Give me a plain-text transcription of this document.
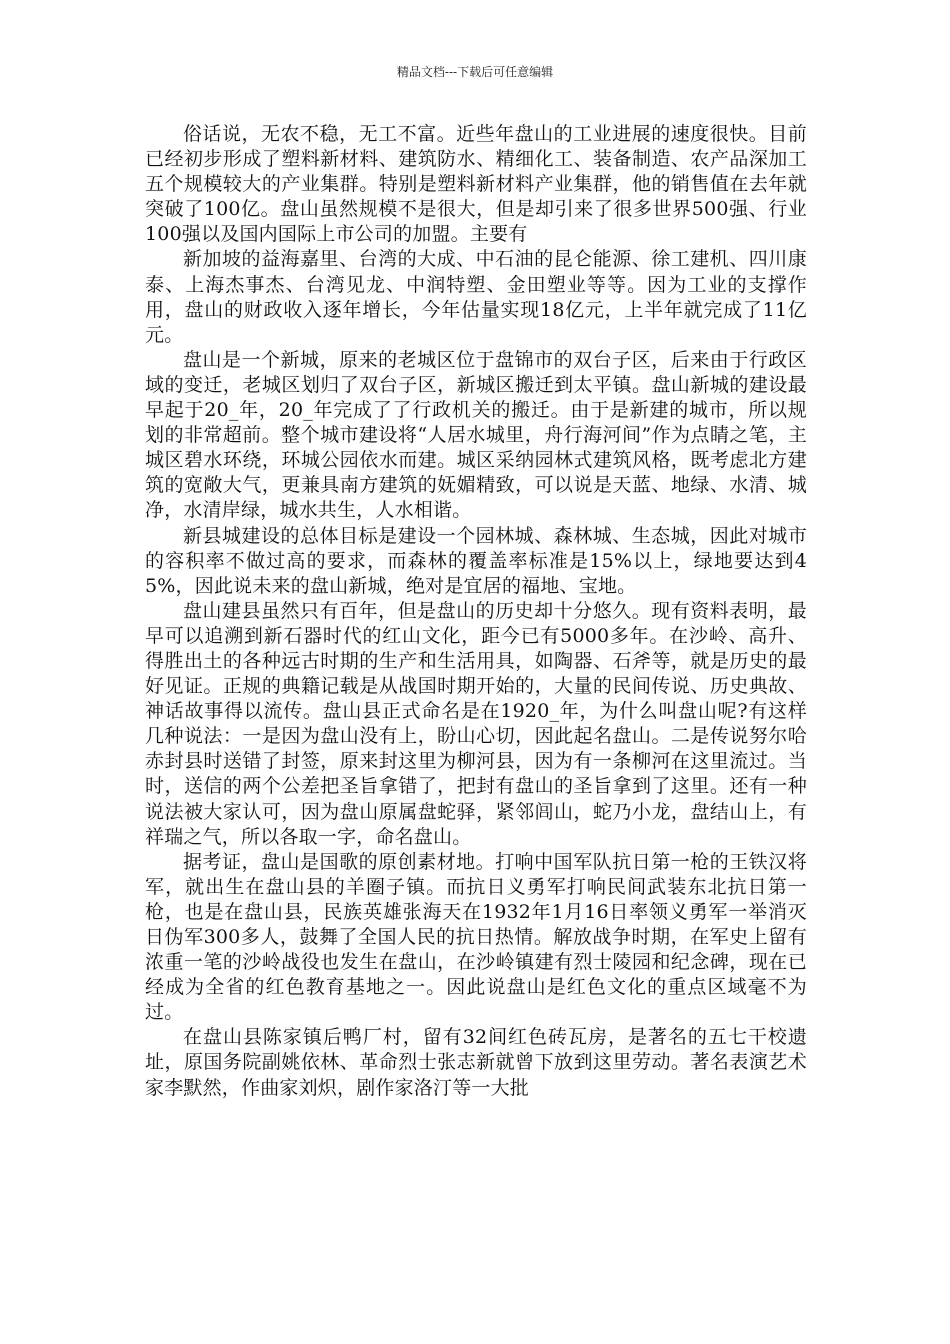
精品文档---下载后可任意编辑

俗话说，无农不稳，无工不富。近些年盘山的工业进展的速度很快。目前已经初步形成了塑料新材料、建筑防水、精细化工、装备制造、农产品深加工五个规模较大的产业集群。特别是塑料新材料产业集群，他的销售值在去年就突破了100亿。盘山虽然规模不是很大，但是却引来了很多世界500强、行业100强以及国内国际上市公司的加盟。主要有

新加坡的益海嘉里、台湾的大成、中石油的昆仑能源、徐工建机、四川康泰、上海杰事杰、台湾见龙、中润特塑、金田塑业等等。因为工业的支撑作用，盘山的财政收入逐年增长，今年估量实现18亿元，上半年就完成了11亿元。

盘山是一个新城，原来的老城区位于盘锦市的双台子区，后来由于行政区域的变迁，老城区划归了双台子区，新城区搬迁到太平镇。盘山新城的建设最早起于20_年，20_年完成了了行政机关的搬迁。由于是新建的城市，所以规划的非常超前。整个城市建设将“人居水城里，舟行海河间”作为点睛之笔，主城区碧水环绕，环城公园依水而建。城区采纳园林式建筑风格，既考虑北方建筑的宽敞大气，更兼具南方建筑的妩媚精致，可以说是天蓝、地绿、水清、城净，水清岸绿，城水共生，人水相谐。

新县城建设的总体目标是建设一个园林城、森林城、生态城，因此对城市的容积率不做过高的要求，而森林的覆盖率标准是15%以上，绿地要达到45%，因此说未来的盘山新城，绝对是宜居的福地、宝地。

盘山建县虽然只有百年，但是盘山的历史却十分悠久。现有资料表明，最早可以追溯到新石器时代的红山文化，距今已有5000多年。在沙岭、高升、得胜出土的各种远古时期的生产和生活用具，如陶器、石斧等，就是历史的最好见证。正规的典籍记载是从战国时期开始的，大量的民间传说、历史典故、神话故事得以流传。盘山县正式命名是在1920_年，为什么叫盘山呢?有这样几种说法：一是因为盘山没有上，盼山心切，因此起名盘山。二是传说努尔哈赤封县时送错了封签，原来封这里为柳河县，因为有一条柳河在这里流过。当时，送信的两个公差把圣旨拿错了，把封有盘山的圣旨拿到了这里。还有一种说法被大家认可，因为盘山原属盘蛇驿，紧邻闾山，蛇乃小龙，盘结山上，有祥瑞之气，所以各取一字，命名盘山。

据考证，盘山是国歌的原创素材地。打响中国军队抗日第一枪的王铁汉将军，就出生在盘山县的羊圈子镇。而抗日义勇军打响民间武装东北抗日第一枪，也是在盘山县，民族英雄张海天在1932年1月16日率领义勇军一举消灭日伪军300多人，鼓舞了全国人民的抗日热情。解放战争时期，在军史上留有浓重一笔的沙岭战役也发生在盘山，在沙岭镇建有烈士陵园和纪念碑，现在已经成为全省的红色教育基地之一。因此说盘山是红色文化的重点区域毫不为过。

在盘山县陈家镇后鸭厂村，留有32间红色砖瓦房，是著名的五七干校遗址，原国务院副姚依林、革命烈士张志新就曾下放到这里劳动。著名表演艺术家李默然，作曲家刘炽，剧作家洛汀等一大批
